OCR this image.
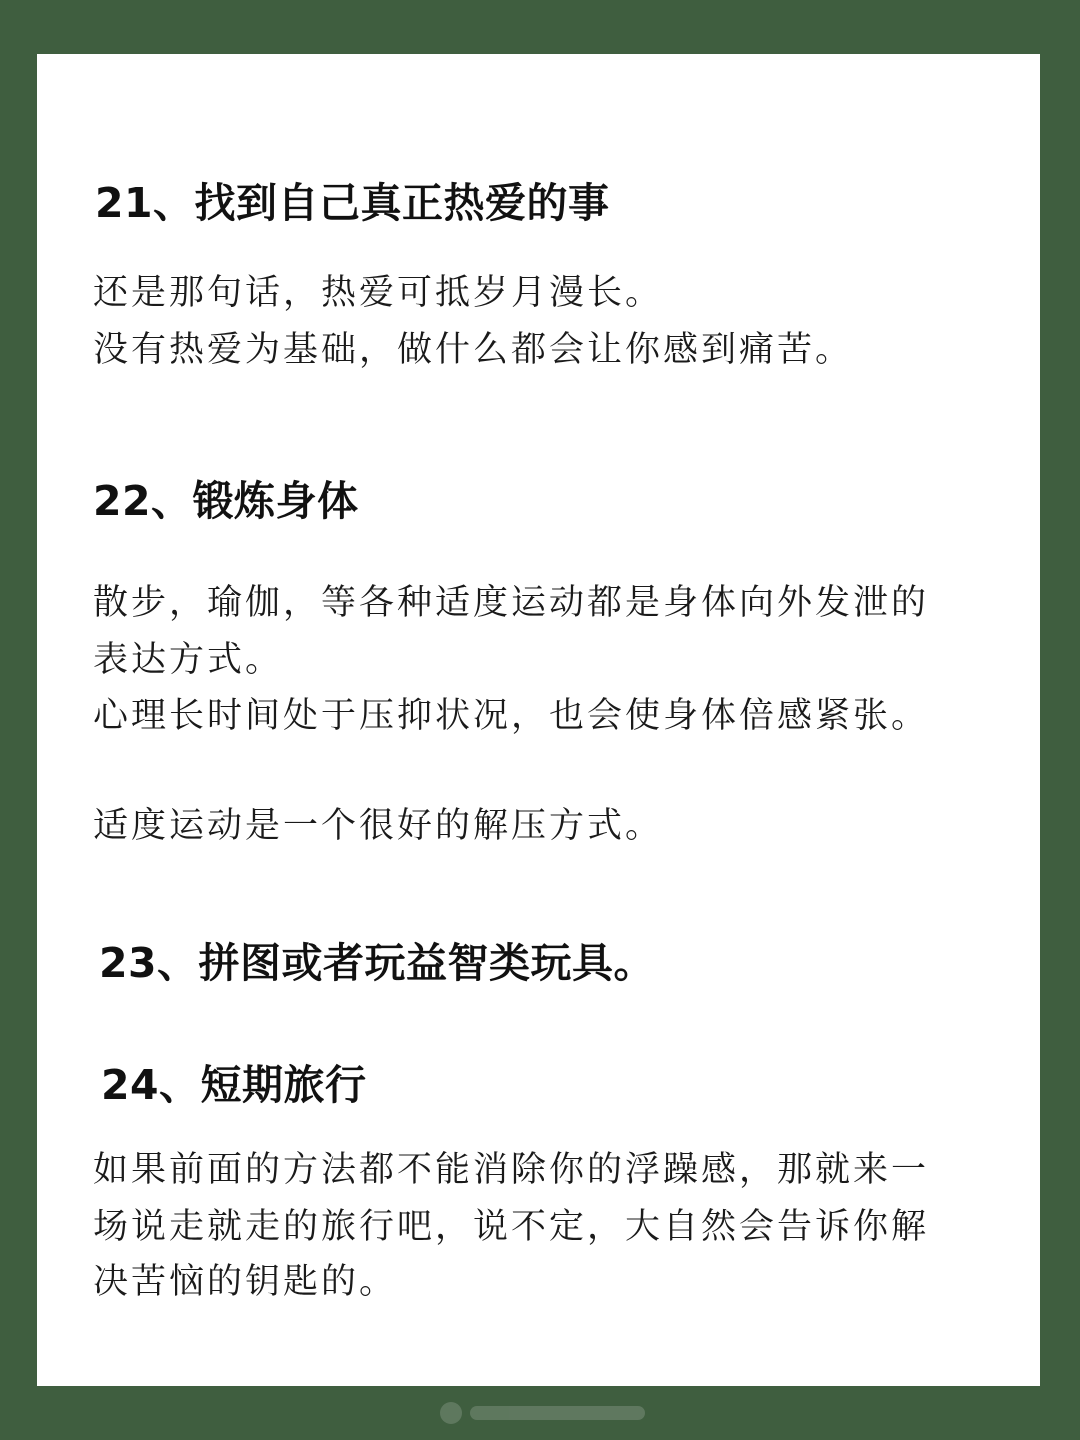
21、找到自己真正热爱的事

还是那句话，热爱可抵岁月漫长。

没有热爱为基础，做什么都会让你感到痛苦。

22、锻炼身体

散步，瑜伽，等各种适度运动都是身体向外发泄的

表达方式。

心理长时间处于压抑状况，也会使身体倍感紧张。

适度运动是一个很好的解压方式。

23、拼图或者玩益智类玩具。
24、短期旅行

如果前面的方法都不能消除你的浮躁感，那就来一

场说走就走的旅行吧，说不定，大自然会告诉你解

决苦恼的钥匙的。
